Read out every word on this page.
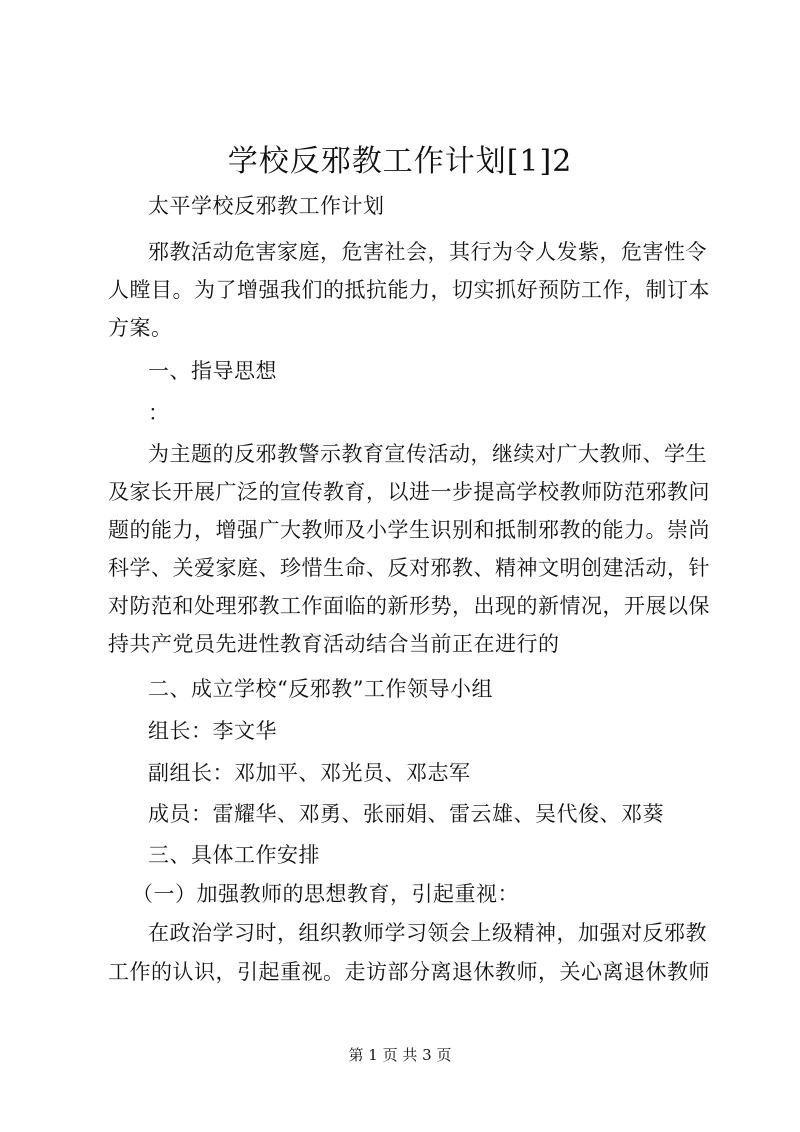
学校反邪教工作计划[1]2
太平学校反邪教工作计划
邪教活动危害家庭，危害社会，其行为令人发紫，危害性令
人瞠目。为了增强我们的抵抗能力，切实抓好预防工作，制订本
方案。
一、指导思想
：
为主题的反邪教警示教育宣传活动，继续对广大教师、学生
及家长开展广泛的宣传教育，以进一步提高学校教师防范邪教问
题的能力，增强广大教师及小学生识别和抵制邪教的能力。崇尚
科学、关爱家庭、珍惜生命、反对邪教、精神文明创建活动，针
对防范和处理邪教工作面临的新形势，出现的新情况，开展以保
持共产党员先进性教育活动结合当前正在进行的
二、成立学校“反邪教”工作领导小组
组长：李文华
副组长：邓加平、邓光员、邓志军
成员：雷耀华、邓勇、张丽娟、雷云雄、吴代俊、邓葵
三、具体工作安排
（一）加强教师的思想教育，引起重视：
在政治学习时，组织教师学习领会上级精神，加强对反邪教
工作的认识，引起重视。走访部分离退休教师，关心离退休教师
第 1 页 共 3 页
